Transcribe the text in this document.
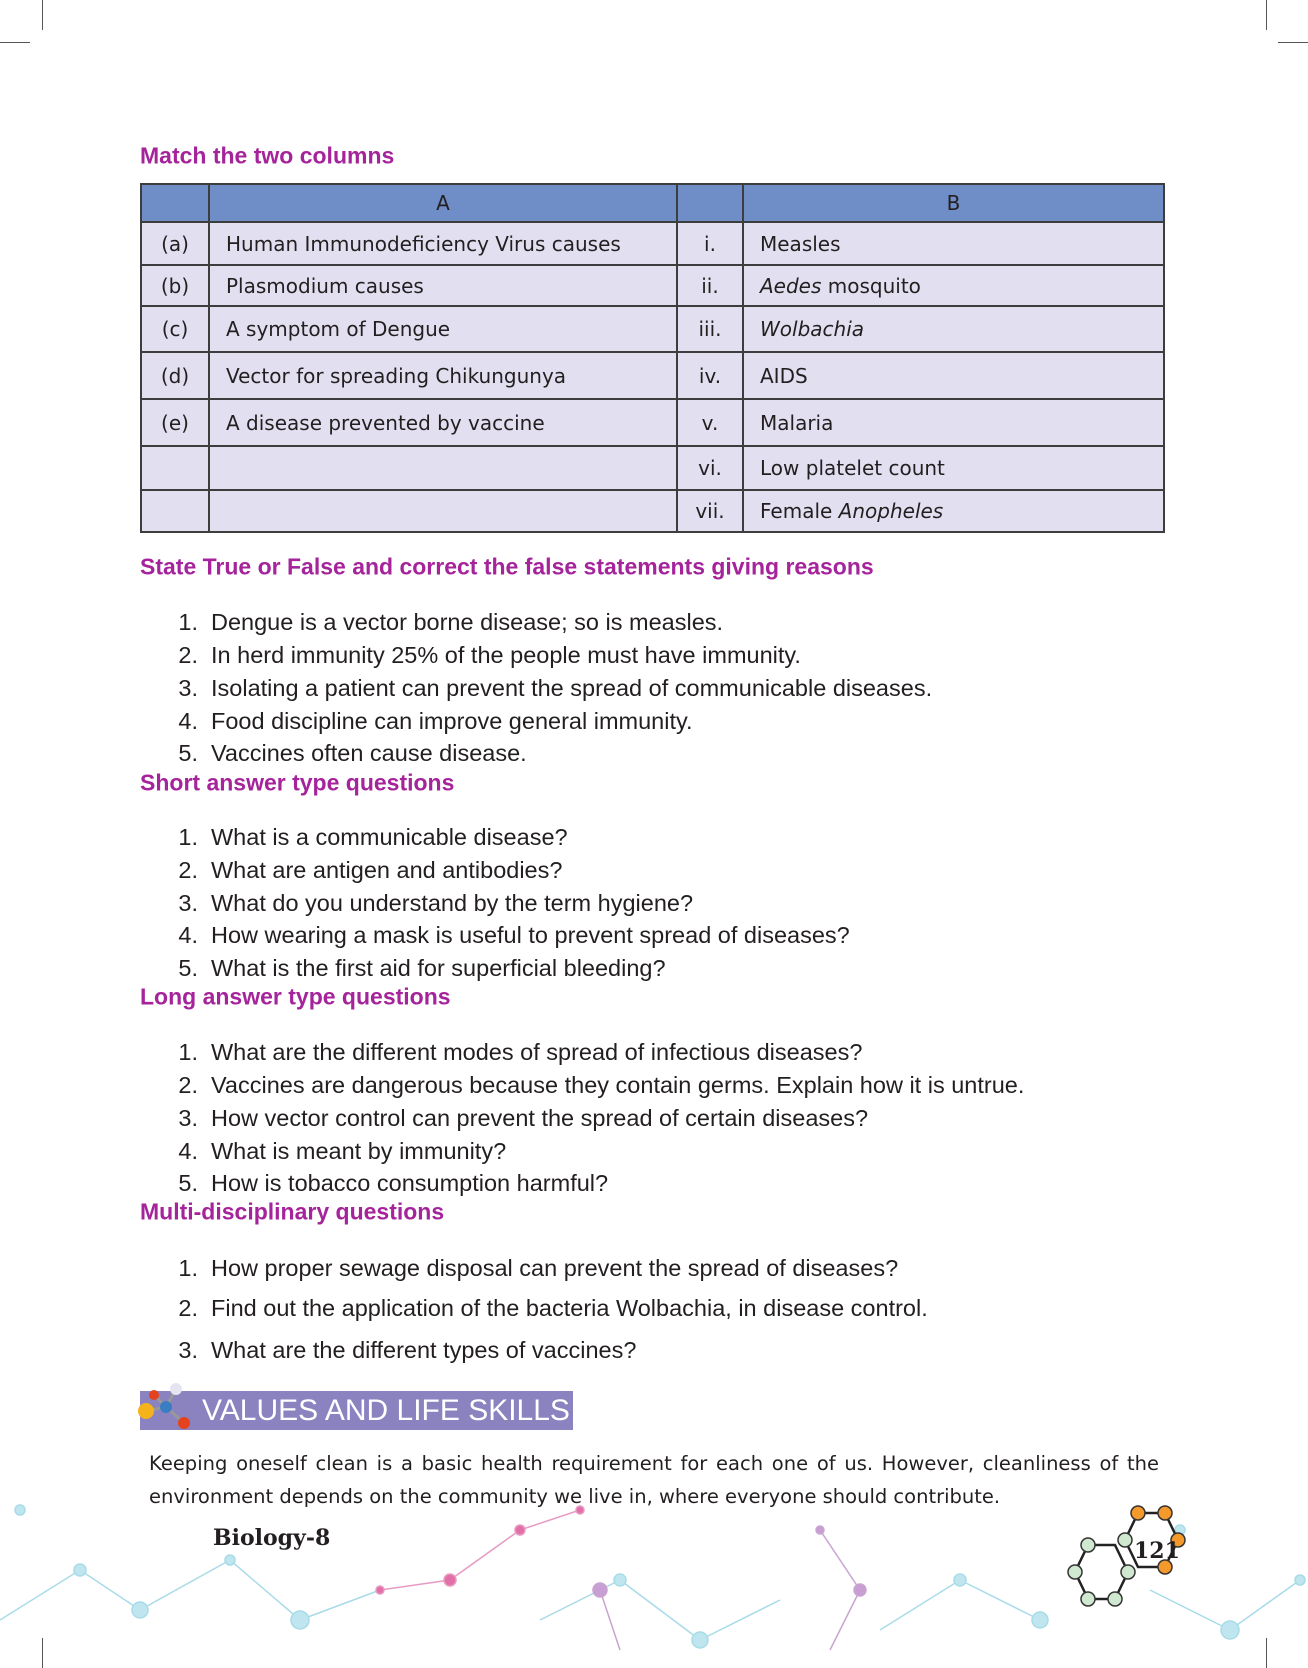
Match the two columns
	A		B
(a)	Human Immunodeficiency Virus causes	i.	Measles
(b)	Plasmodium causes	ii.	Aedes mosquito
(c)	A symptom of Dengue	iii.	Wolbachia
(d)	Vector for spreading Chikungunya	iv.	AIDS
(e)	A disease prevented by vaccine	v.	Malaria
		vi.	Low platelet count
		vii.	Female Anopheles
State True or False and correct the false statements giving reasons
1. Dengue is a vector borne disease; so is measles.
2. In herd immunity 25% of the people must have immunity.
3. Isolating a patient can prevent the spread of communicable diseases.
4. Food discipline can improve general immunity.
5. Vaccines often cause disease.
Short answer type questions
1. What is a communicable disease?
2. What are antigen and antibodies?
3. What do you understand by the term hygiene?
4. How wearing a mask is useful to prevent spread of diseases?
5. What is the first aid for superficial bleeding?
Long answer type questions
1. What are the different modes of spread of infectious diseases?
2. Vaccines are dangerous because they contain germs. Explain how it is untrue.
3. How vector control can prevent the spread of certain diseases?
4. What is meant by immunity?
5. How is tobacco consumption harmful?
Multi-disciplinary questions
1. How proper sewage disposal can prevent the spread of diseases?
2. Find out the application of the bacteria Wolbachia, in disease control.
3. What are the different types of vaccines?
VALUES AND LIFE SKILLS
Keeping oneself clean is a basic health requirement for each one of us. However, cleanliness of the environment depends on the community we live in, where everyone should contribute.
Biology-8	121
